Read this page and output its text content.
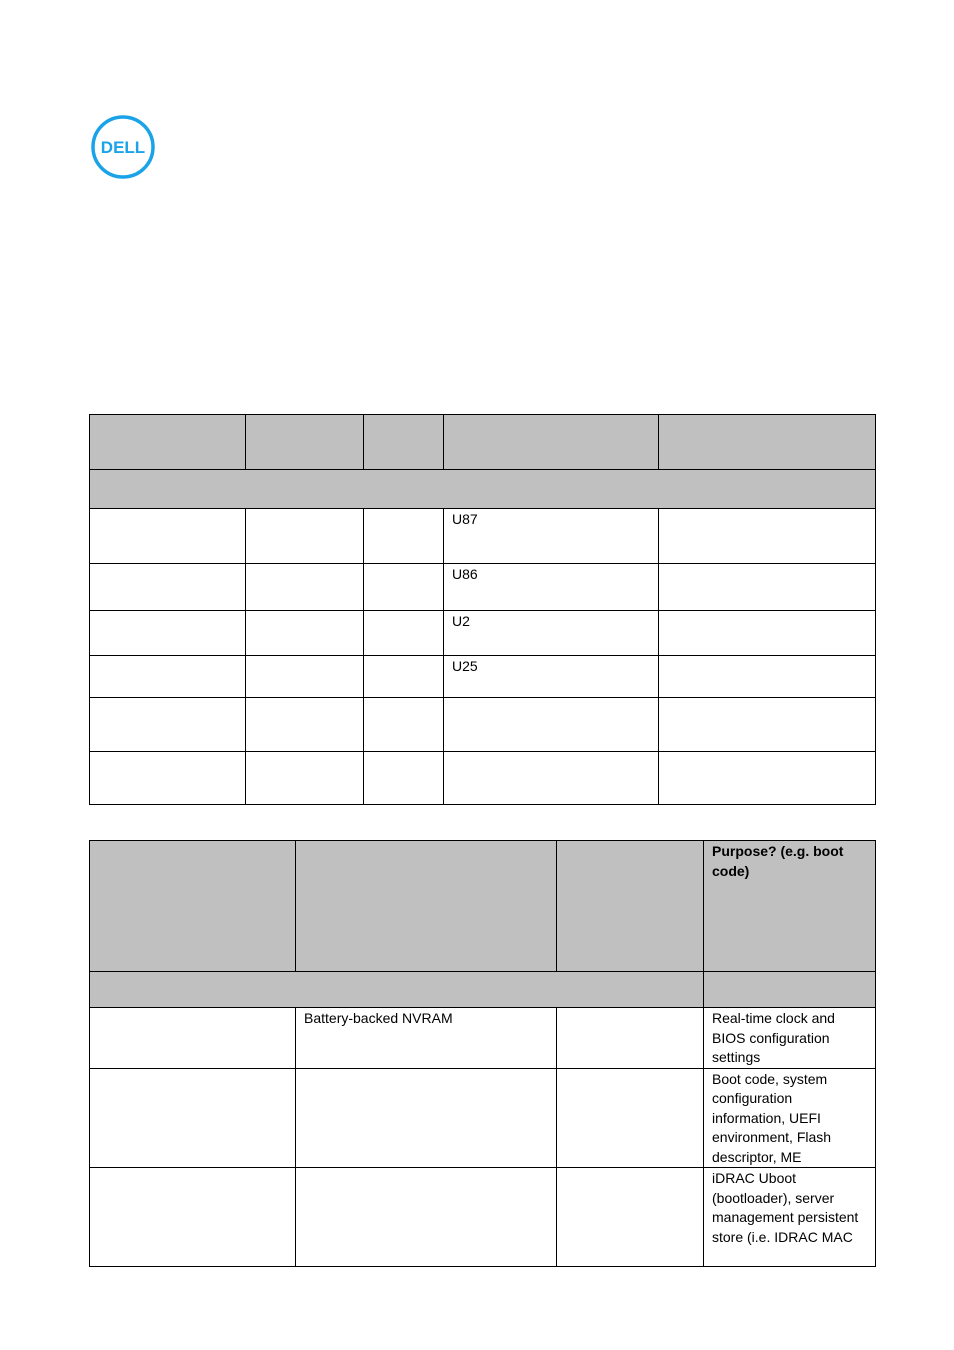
DELL

			U87	
			U86	
			U2	
			U25	

			Purpose? (e.g. boot code)

	Battery-backed NVRAM		Real-time clock and BIOS configuration settings
			Boot code, system configuration information, UEFI environment, Flash descriptor, ME
			iDRAC Uboot (bootloader), server management persistent store (i.e. IDRAC MAC
